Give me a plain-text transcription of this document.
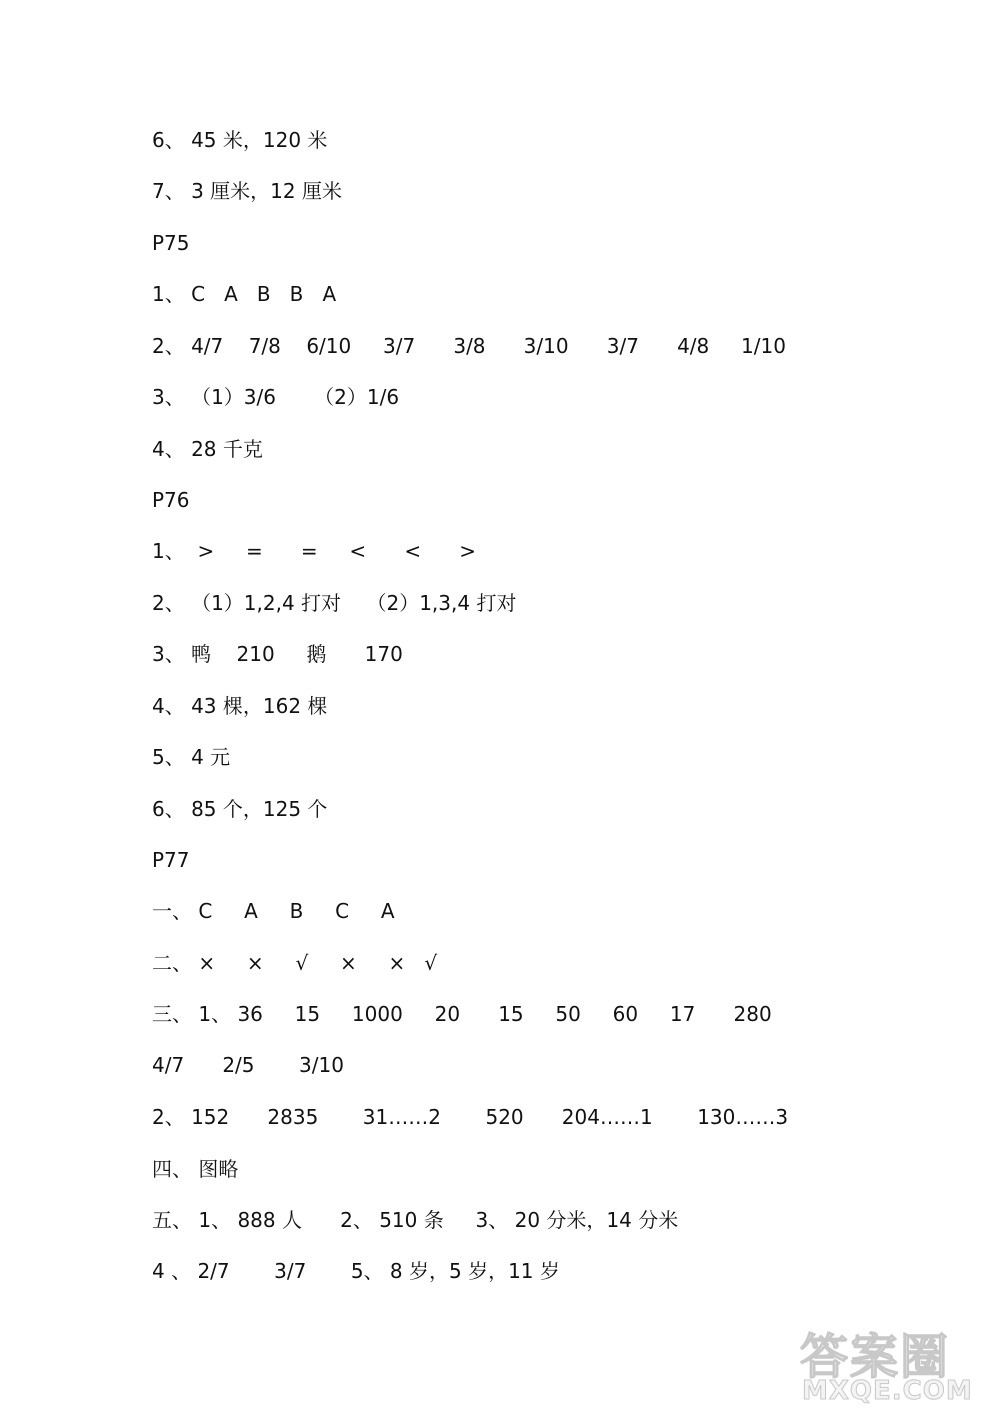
6、 45 米，120 米
7、 3 厘米，12 厘米
P75
1、 C   A   B   B   A
2、 4/7    7/8    6/10     3/7      3/8      3/10      3/7      4/8     1/10
3、 （1）3/6      （2）1/6
4、 28 千克
P76
1、  >     =      =     <      <      >
2、 （1）1,2,4 打对    （2）1,3,4 打对
3、 鸭    210     鹅      170
4、 43 棵，162 棵
5、 4 元
6、 85 个，125 个
P77
一、 C     A     B     C     A
二、 ×     ×     √     ×     ×   √
三、 1、 36     15     1000     20      15     50     60     17      280
4/7      2/5       3/10
2、 152      2835       31……2       520      204……1       130……3
四、 图略
五、 1、 888 人      2、 510 条     3、 20 分米，14 分米
4 、 2/7       3/7       5、 8 岁，5 岁，11 岁
答案圈
MXQE.COM
